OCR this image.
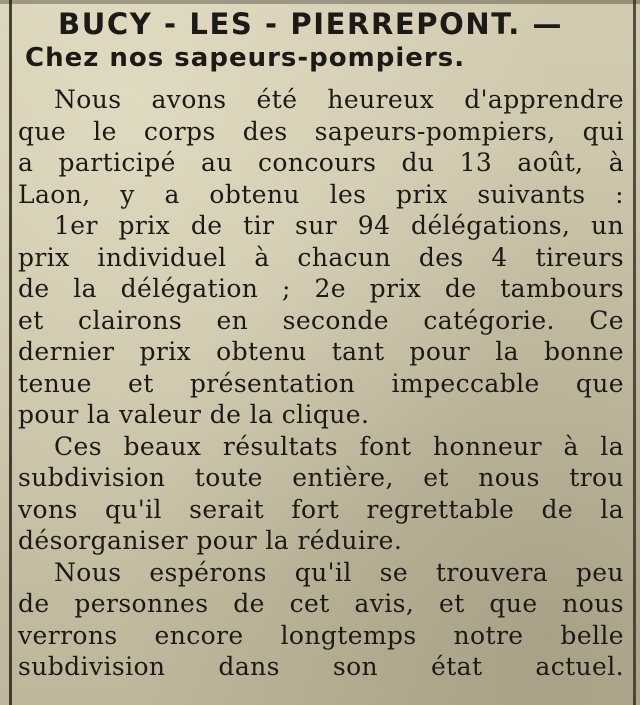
BUCY - LES - PIERREPONT. —
Chez nos sapeurs-pompiers.
Nous avons été heureux d'apprendre
que le corps des sapeurs-pompiers, qui
a participé au concours du 13 août, à
Laon, y a obtenu les prix suivants :
1er prix de tir sur 94 délégations, un
prix individuel à chacun des 4 tireurs
de la délégation ; 2e prix de tambours
et clairons en seconde catégorie. Ce
dernier prix obtenu tant pour la bonne
tenue et présentation impeccable que
pour la valeur de la clique.
Ces beaux résultats font honneur à la
subdivision toute entière, et nous trou
vons qu'il serait fort regrettable de la
désorganiser pour la réduire.
Nous espérons qu'il se trouvera peu
de personnes de cet avis, et que nous
verrons encore longtemps notre belle
subdivision dans son état actuel.
